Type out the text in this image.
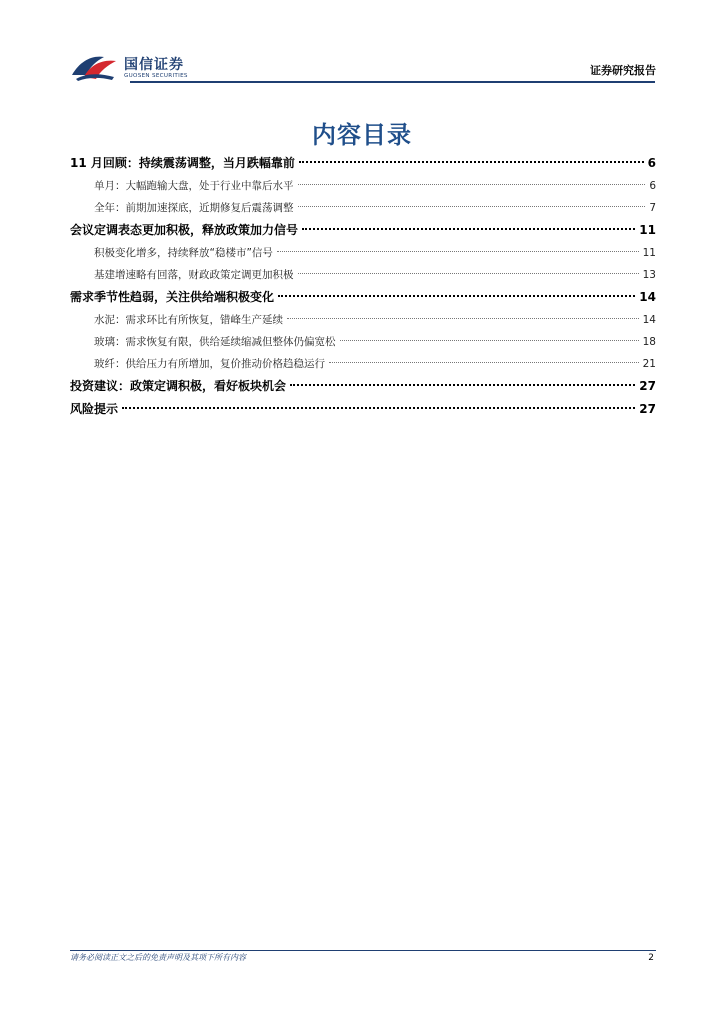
国信证券
GUOSEN SECURITIES	证券研究报告
内容目录
11 月回顾：持续震荡调整，当月跌幅靠前	6
单月：大幅跑输大盘，处于行业中靠后水平	6
全年：前期加速探底，近期修复后震荡调整	7
会议定调表态更加积极，释放政策加力信号	11
积极变化增多，持续释放“稳楼市”信号	11
基建增速略有回落，财政政策定调更加积极	13
需求季节性趋弱，关注供给端积极变化	14
水泥：需求环比有所恢复，错峰生产延续	14
玻璃：需求恢复有限，供给延续缩减但整体仍偏宽松	18
玻纤：供给压力有所增加，复价推动价格趋稳运行	21
投资建议：政策定调积极，看好板块机会	27
风险提示	27
请务必阅读正文之后的免责声明及其项下所有内容	2
